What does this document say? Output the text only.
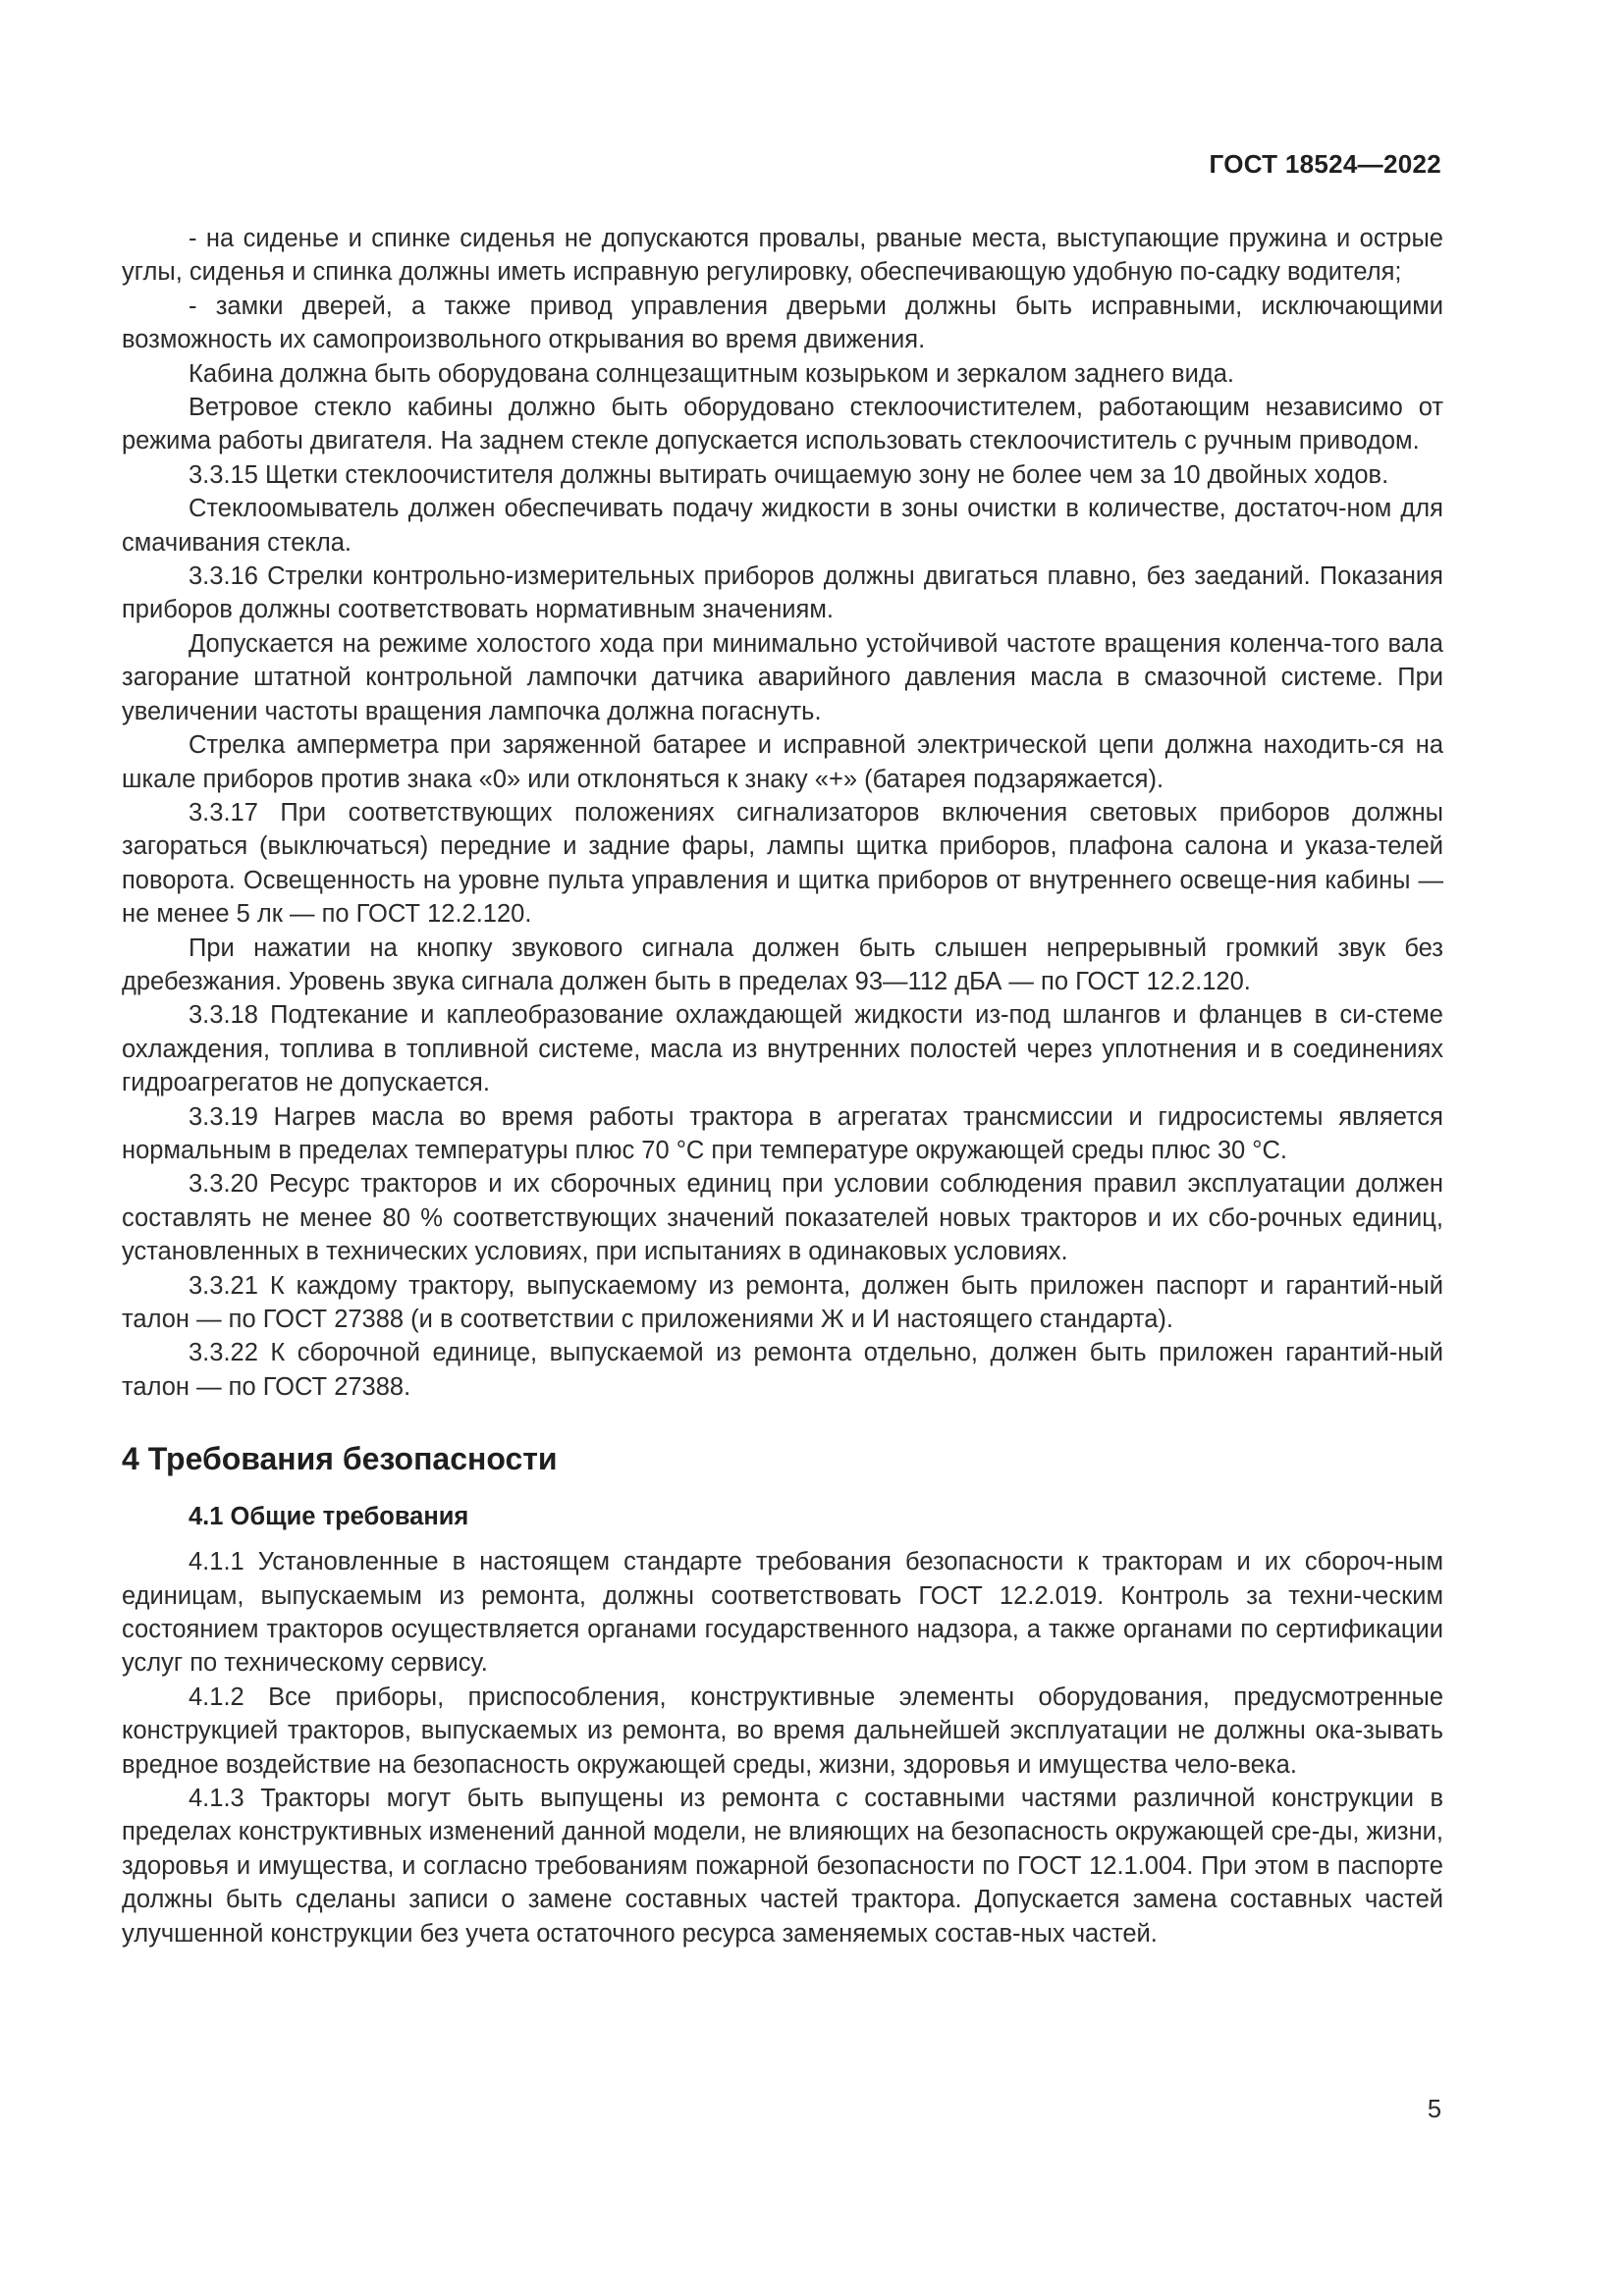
ГОСТ 18524—2022

- на сиденье и спинке сиденья не допускаются провалы, рваные места, выступающие пружина и острые углы, сиденья и спинка должны иметь исправную регулировку, обеспечивающую удобную по-садку водителя;

- замки дверей, а также привод управления дверьми должны быть исправными, исключающими возможность их самопроизвольного открывания во время движения.

Кабина должна быть оборудована солнцезащитным козырьком и зеркалом заднего вида.

Ветровое стекло кабины должно быть оборудовано стеклоочистителем, работающим независимо от режима работы двигателя. На заднем стекле допускается использовать стеклоочиститель с ручным приводом.

3.3.15 Щетки стеклоочистителя должны вытирать очищаемую зону не более чем за 10 двойных ходов.

Стеклоомыватель должен обеспечивать подачу жидкости в зоны очистки в количестве, достаточ-ном для смачивания стекла.

3.3.16 Стрелки контрольно-измерительных приборов должны двигаться плавно, без заеданий. Показания приборов должны соответствовать нормативным значениям.

Допускается на режиме холостого хода при минимально устойчивой частоте вращения коленча-того вала загорание штатной контрольной лампочки датчика аварийного давления масла в смазочной системе. При увеличении частоты вращения лампочка должна погаснуть.

Стрелка амперметра при заряженной батарее и исправной электрической цепи должна находить-ся на шкале приборов против знака «0» или отклоняться к знаку «+» (батарея подзаряжается).

3.3.17 При соответствующих положениях сигнализаторов включения световых приборов должны загораться (выключаться) передние и задние фары, лампы щитка приборов, плафона салона и указа-телей поворота. Освещенность на уровне пульта управления и щитка приборов от внутреннего освеще-ния кабины — не менее 5 лк — по ГОСТ 12.2.120.

При нажатии на кнопку звукового сигнала должен быть слышен непрерывный громкий звук без дребезжания. Уровень звука сигнала должен быть в пределах 93—112 дБА — по ГОСТ 12.2.120.

3.3.18 Подтекание и каплеобразование охлаждающей жидкости из-под шлангов и фланцев в си-стеме охлаждения, топлива в топливной системе, масла из внутренних полостей через уплотнения и в соединениях гидроагрегатов не допускается.

3.3.19 Нагрев масла во время работы трактора в агрегатах трансмиссии и гидросистемы является нормальным в пределах температуры плюс 70 °С при температуре окружающей среды плюс 30 °С.

3.3.20 Ресурс тракторов и их сборочных единиц при условии соблюдения правил эксплуатации должен составлять не менее 80 % соответствующих значений показателей новых тракторов и их сбо-рочных единиц, установленных в технических условиях, при испытаниях в одинаковых условиях.

3.3.21 К каждому трактору, выпускаемому из ремонта, должен быть приложен паспорт и гарантий-ный талон — по ГОСТ 27388 (и в соответствии с приложениями Ж и И настоящего стандарта).

3.3.22 К сборочной единице, выпускаемой из ремонта отдельно, должен быть приложен гарантий-ный талон — по ГОСТ 27388.

4 Требования безопасности
4.1 Общие требования

4.1.1 Установленные в настоящем стандарте требования безопасности к тракторам и их сбороч-ным единицам, выпускаемым из ремонта, должны соответствовать ГОСТ 12.2.019. Контроль за техни-ческим состоянием тракторов осуществляется органами государственного надзора, а также органами по сертификации услуг по техническому сервису.

4.1.2 Все приборы, приспособления, конструктивные элементы оборудования, предусмотренные конструкцией тракторов, выпускаемых из ремонта, во время дальнейшей эксплуатации не должны ока-зывать вредное воздействие на безопасность окружающей среды, жизни, здоровья и имущества чело-века.

4.1.3 Тракторы могут быть выпущены из ремонта с составными частями различной конструкции в пределах конструктивных изменений данной модели, не влияющих на безопасность окружающей сре-ды, жизни, здоровья и имущества, и согласно требованиям пожарной безопасности по ГОСТ 12.1.004. При этом в паспорте должны быть сделаны записи о замене составных частей трактора. Допускается замена составных частей улучшенной конструкции без учета остаточного ресурса заменяемых состав-ных частей.

5
